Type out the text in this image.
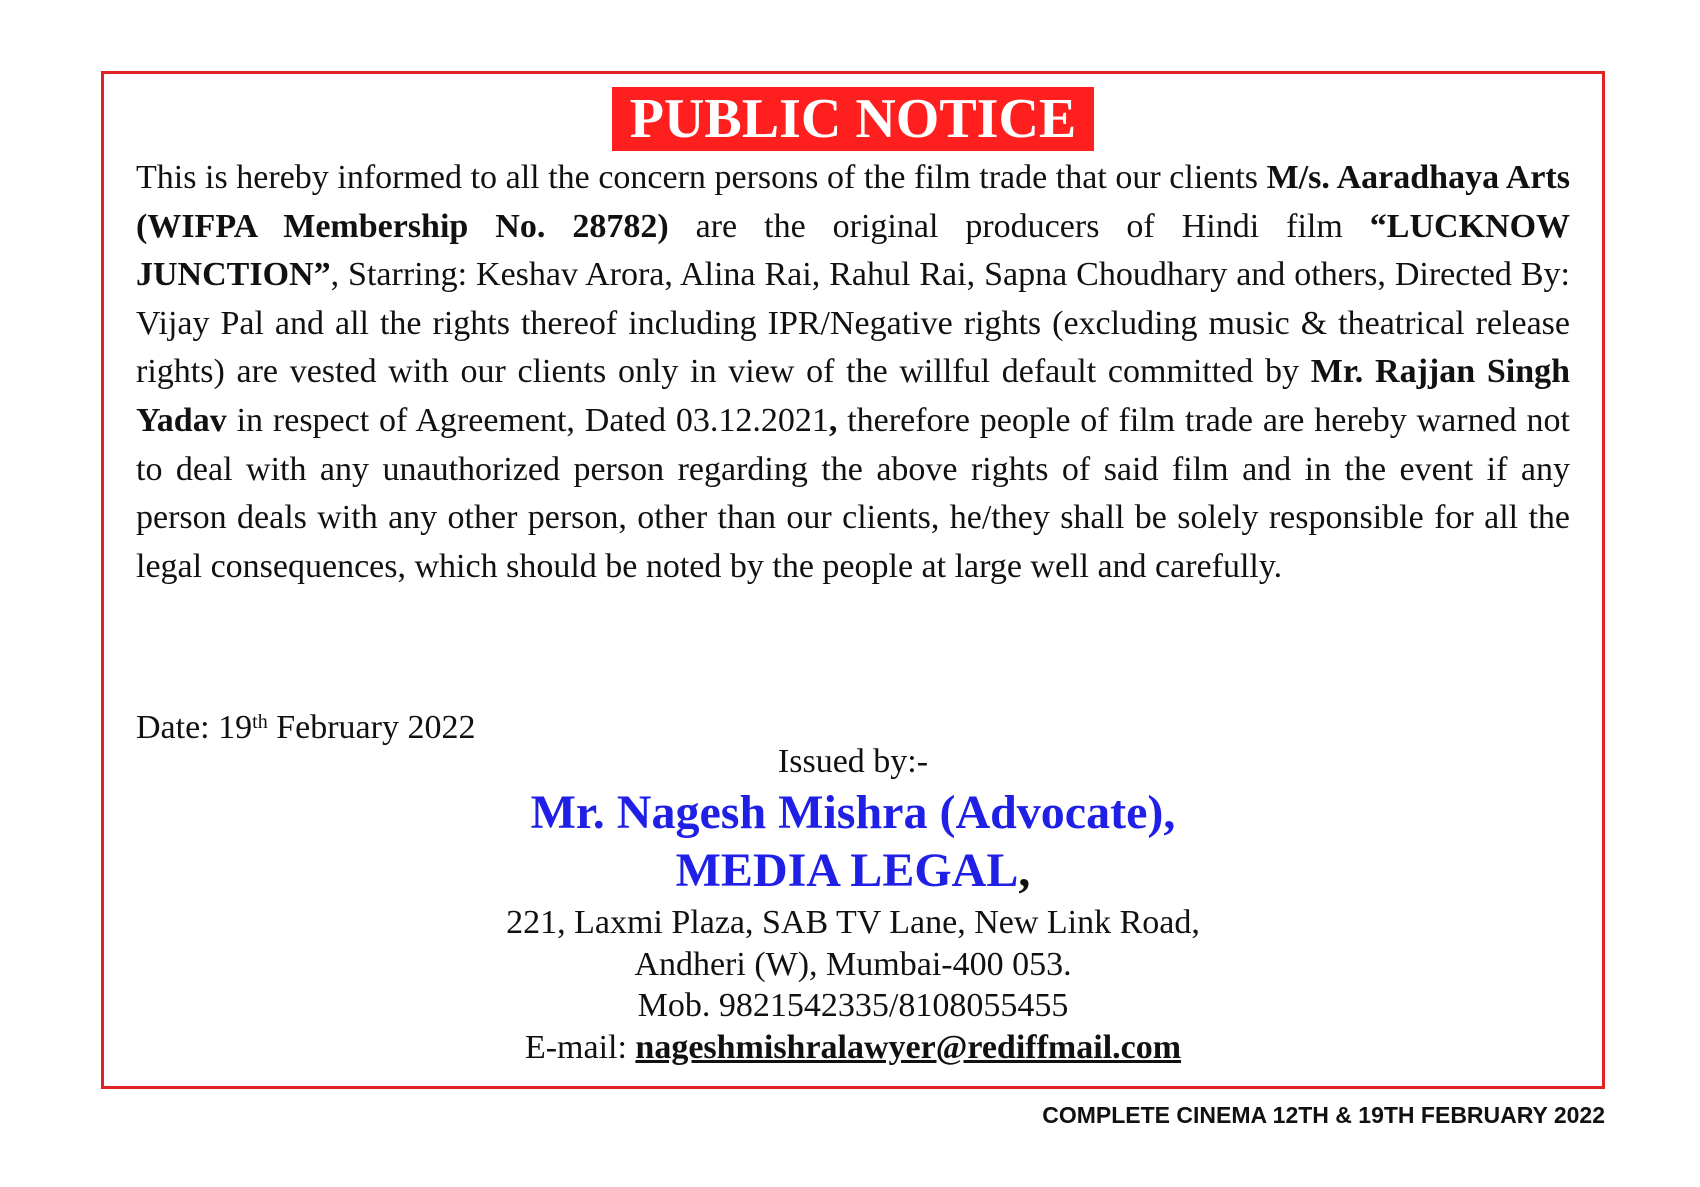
PUBLIC NOTICE
This is hereby informed to all the concern persons of the film trade that our clients M/s. Aaradhaya Arts (WIFPA Membership No. 28782) are the original producers of Hindi film “LUCKNOW JUNCTION”, Starring: Keshav Arora, Alina Rai, Rahul Rai, Sapna Choudhary and others, Directed By: Vijay Pal and all the rights thereof including IPR/Negative rights (excluding music & theatrical release rights) are vested with our clients only in view of the willful default committed by Mr. Rajjan Singh Yadav in respect of Agreement, Dated 03.12.2021, therefore people of film trade are hereby warned not to deal with any unauthorized person regarding the above rights of said film and in the event if any person deals with any other person, other than our clients, he/they shall be solely responsible for all the legal consequences, which should be noted by the people at large well and carefully.
Date: 19th February 2022
Issued by:-
Mr. Nagesh Mishra (Advocate),
MEDIA LEGAL,
221, Laxmi Plaza, SAB TV Lane, New Link Road,
Andheri (W), Mumbai-400 053.
Mob. 9821542335/8108055455
E-mail: nageshmishralawyer@rediffmail.com
COMPLETE CINEMA 12TH & 19TH FEBRUARY 2022
